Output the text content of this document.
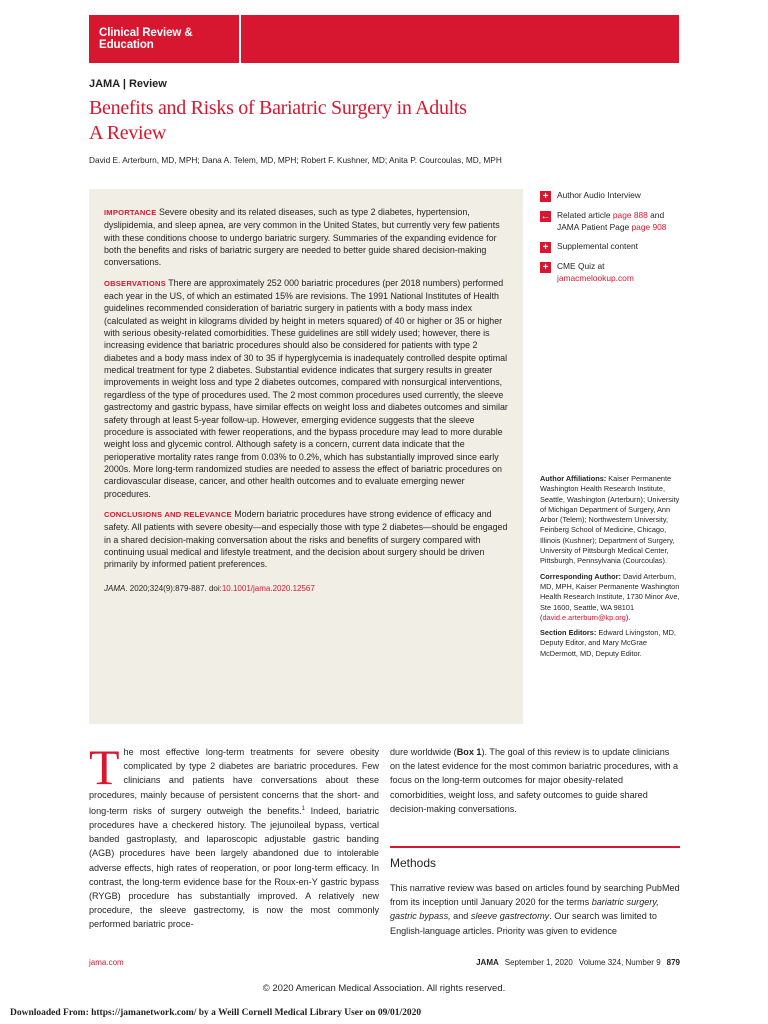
Clinical Review & Education
JAMA | Review
Benefits and Risks of Bariatric Surgery in Adults
A Review
David E. Arterburn, MD, MPH; Dana A. Telem, MD, MPH; Robert F. Kushner, MD; Anita P. Courcoulas, MD, MPH

IMPORTANCE Severe obesity and its related diseases, such as type 2 diabetes, hypertension, dyslipidemia, and sleep apnea, are very common in the United States, but currently very few patients with these conditions choose to undergo bariatric surgery. Summaries of the expanding evidence for both the benefits and risks of bariatric surgery are needed to better guide shared decision-making conversations.

OBSERVATIONS There are approximately 252 000 bariatric procedures (per 2018 numbers) performed each year in the US, of which an estimated 15% are revisions. The 1991 National Institutes of Health guidelines recommended consideration of bariatric surgery in patients with a body mass index (calculated as weight in kilograms divided by height in meters squared) of 40 or higher or 35 or higher with serious obesity-related comorbidities. These guidelines are still widely used; however, there is increasing evidence that bariatric procedures should also be considered for patients with type 2 diabetes and a body mass index of 30 to 35 if hyperglycemia is inadequately controlled despite optimal medical treatment for type 2 diabetes. Substantial evidence indicates that surgery results in greater improvements in weight loss and type 2 diabetes outcomes, compared with nonsurgical interventions, regardless of the type of procedures used. The 2 most common procedures used currently, the sleeve gastrectomy and gastric bypass, have similar effects on weight loss and diabetes outcomes and similar safety through at least 5-year follow-up. However, emerging evidence suggests that the sleeve procedure is associated with fewer reoperations, and the bypass procedure may lead to more durable weight loss and glycemic control. Although safety is a concern, current data indicate that the perioperative mortality rates range from 0.03% to 0.2%, which has substantially improved since early 2000s. More long-term randomized studies are needed to assess the effect of bariatric procedures on cardiovascular disease, cancer, and other health outcomes and to evaluate emerging newer procedures.

CONCLUSIONS AND RELEVANCE Modern bariatric procedures have strong evidence of efficacy and safety. All patients with severe obesity—and especially those with type 2 diabetes—should be engaged in a shared decision-making conversation about the risks and benefits of surgery compared with continuing usual medical and lifestyle treatment, and the decision about surgery should be driven primarily by informed patient preferences.

JAMA. 2020;324(9):879-887. doi:10.1001/jama.2020.12567

+	Author Audio Interview
← Related article page 888 and
JAMA Patient Page page 908
+	Supplemental content
+	CME Quiz at
jamacmelookup.com

Author Affiliations: Kaiser Permanente Washington Health Research Institute, Seattle, Washington (Arterburn); University of Michigan Department of Surgery, Ann Arbor (Telem); Northwestern University, Feinberg School of Medicine, Chicago, Illinois (Kushner); Department of Surgery, University of Pittsburgh Medical Center, Pittsburgh, Pennsylvania (Courcoulas).

Corresponding Author: David Arterburn, MD, MPH, Kaiser Permanente Washington Health Research Institute, 1730 Minor Ave, Ste 1600, Seattle, WA 98101 (david.e.arterburn@kp.org).

Section Editors: Edward Livingston, MD, Deputy Editor, and Mary McGrae McDermott, MD, Deputy Editor.

The most effective long-term treatments for severe obesity complicated by type 2 diabetes are bariatric procedures. Few clinicians and patients have conversations about these procedures, mainly because of persistent concerns that the short- and long-term risks of surgery outweigh the benefits.$^1$ Indeed, bariatric procedures have a checkered history. The jejunoileal bypass, vertical banded gastroplasty, and laparoscopic adjustable gastric banding (AGB) procedures have been largely abandoned due to intolerable adverse effects, high rates of reoperation, or poor long-term efficacy. In contrast, the long-term evidence base for the Roux-en-Y gastric bypass (RYGB) procedure has substantially improved. A relatively new procedure, the sleeve gastrectomy, is now the most commonly performed bariatric proce-
dure worldwide (Box 1). The goal of this review is to update clinicians on the latest evidence for the most common bariatric procedures, with a focus on the long-term outcomes for major obesity-related comorbidities, weight loss, and safety outcomes to guide shared decision-making conversations.
Methods
This narrative review was based on articles found by searching PubMed from its inception until January 2020 for the terms bariatric surgery, gastric bypass, and sleeve gastrectomy. Our search was limited to English-language articles. Priority was given to evidence
jama.com	JAMA September 1, 2020 Volume 324, Number 9 879
© 2020 American Medical Association. All rights reserved.
Downloaded From: https://jamanetwork.com/ by a Weill Cornell Medical Library User on 09/01/2020
